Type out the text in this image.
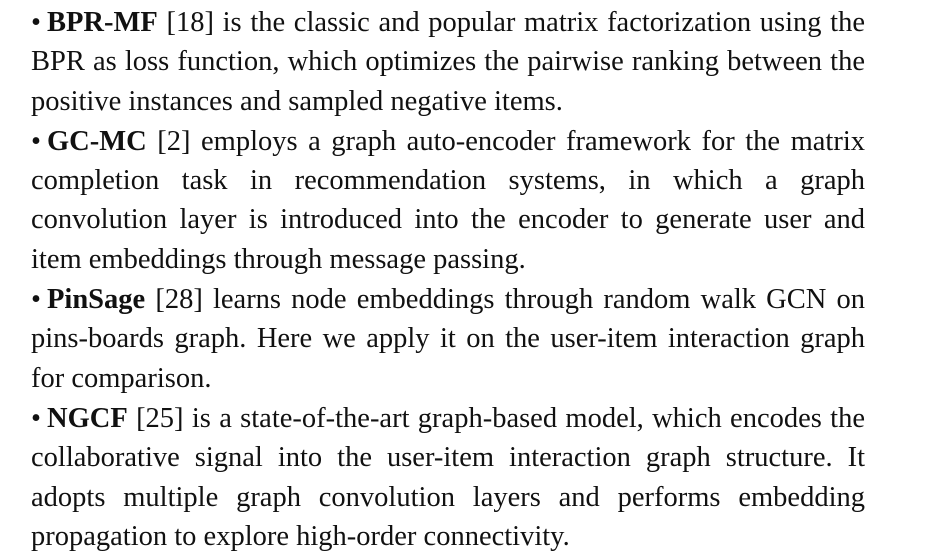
• BPR-MF [18] is the classic and popular matrix factorization using the BPR as loss function, which optimizes the pairwise ranking between the positive instances and sampled negative items.

• GC-MC [2] employs a graph auto-encoder framework for the matrix completion task in recommendation systems, in which a graph convolution layer is introduced into the encoder to generate user and item embeddings through message passing.

• PinSage [28] learns node embeddings through random walk GCN on pins-boards graph. Here we apply it on the user-item interaction graph for comparison.

• NGCF [25] is a state-of-the-art graph-based model, which encodes the collaborative signal into the user-item interaction graph structure. It adopts multiple graph convolution layers and performs embedding propagation to explore high-order connectivity.
